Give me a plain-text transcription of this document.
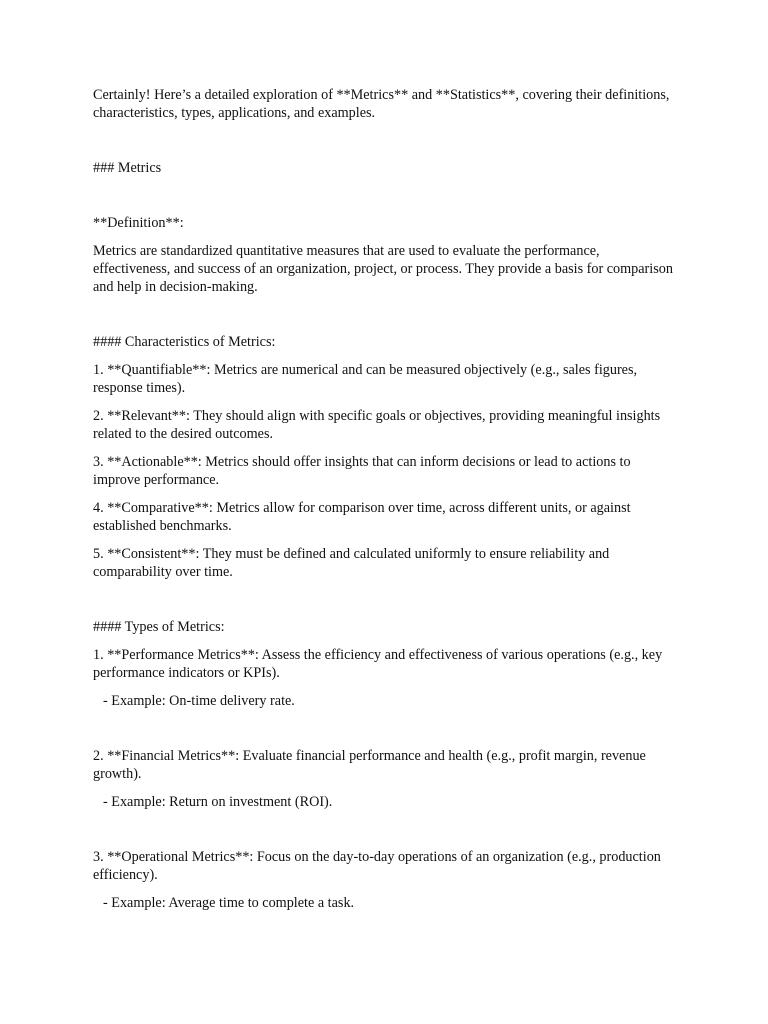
Certainly! Here’s a detailed exploration of **Metrics** and **Statistics**, covering their definitions, characteristics, types, applications, and examples.

### Metrics

**Definition**:

Metrics are standardized quantitative measures that are used to evaluate the performance, effectiveness, and success of an organization, project, or process. They provide a basis for comparison and help in decision-making.

#### Characteristics of Metrics:

1. **Quantifiable**: Metrics are numerical and can be measured objectively (e.g., sales figures, response times).

2. **Relevant**: They should align with specific goals or objectives, providing meaningful insights related to the desired outcomes.

3. **Actionable**: Metrics should offer insights that can inform decisions or lead to actions to improve performance.

4. **Comparative**: Metrics allow for comparison over time, across different units, or against established benchmarks.

5. **Consistent**: They must be defined and calculated uniformly to ensure reliability and comparability over time.

#### Types of Metrics:

1. **Performance Metrics**: Assess the efficiency and effectiveness of various operations (e.g., key performance indicators or KPIs).

- Example: On-time delivery rate.

2. **Financial Metrics**: Evaluate financial performance and health (e.g., profit margin, revenue growth).

- Example: Return on investment (ROI).

3. **Operational Metrics**: Focus on the day-to-day operations of an organization (e.g., production efficiency).

- Example: Average time to complete a task.
